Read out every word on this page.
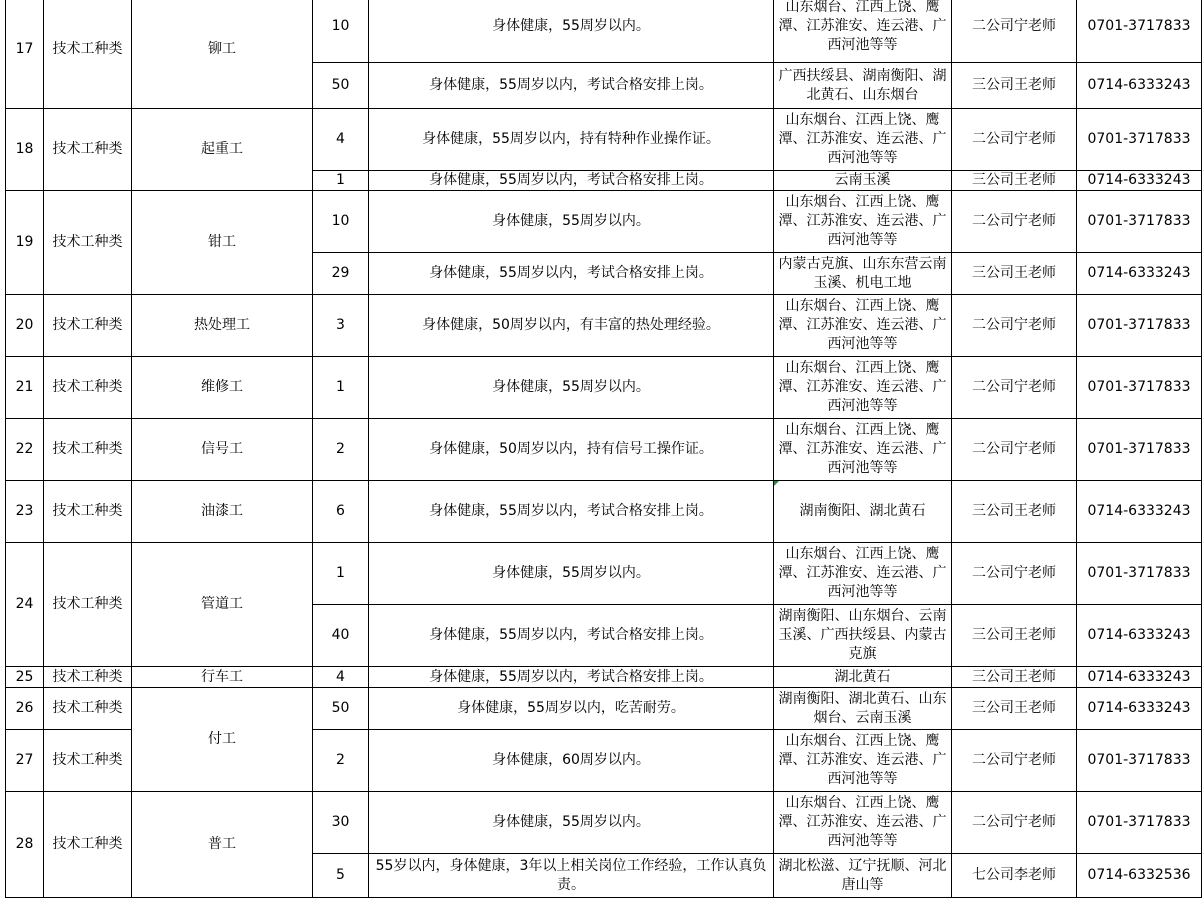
17	技术工种类	铆工	10	身体健康，55周岁以内。	山东烟台、江西上饶、鹰潭、江苏淮安、连云港、广西河池等等	二公司宁老师	0701-3717833
			50	身体健康，55周岁以内，考试合格安排上岗。	广西扶绥县、湖南衡阳、湖北黄石、山东烟台	三公司王老师	0714-6333243
18	技术工种类	起重工	4	身体健康，55周岁以内，持有特种作业操作证。	山东烟台、江西上饶、鹰潭、江苏淮安、连云港、广西河池等等	二公司宁老师	0701-3717833
			1	身体健康，55周岁以内，考试合格安排上岗。	云南玉溪	三公司王老师	0714-6333243
19	技术工种类	钳工	10	身体健康，55周岁以内。	山东烟台、江西上饶、鹰潭、江苏淮安、连云港、广西河池等等	二公司宁老师	0701-3717833
			29	身体健康，55周岁以内，考试合格安排上岗。	内蒙古克旗、山东东营云南玉溪、机电工地	三公司王老师	0714-6333243
20	技术工种类	热处理工	3	身体健康，50周岁以内，有丰富的热处理经验。	山东烟台、江西上饶、鹰潭、江苏淮安、连云港、广西河池等等	二公司宁老师	0701-3717833
21	技术工种类	维修工	1	身体健康，55周岁以内。	山东烟台、江西上饶、鹰潭、江苏淮安、连云港、广西河池等等	二公司宁老师	0701-3717833
22	技术工种类	信号工	2	身体健康，50周岁以内，持有信号工操作证。	山东烟台、江西上饶、鹰潭、江苏淮安、连云港、广西河池等等	二公司宁老师	0701-3717833
23	技术工种类	油漆工	6	身体健康，55周岁以内，考试合格安排上岗。	湖南衡阳、湖北黄石	三公司王老师	0714-6333243
24	技术工种类	管道工	1	身体健康，55周岁以内。	山东烟台、江西上饶、鹰潭、江苏淮安、连云港、广西河池等等	二公司宁老师	0701-3717833
			40	身体健康，55周岁以内，考试合格安排上岗。	湖南衡阳、山东烟台、云南玉溪、广西扶绥县、内蒙古克旗	三公司王老师	0714-6333243
25	技术工种类	行车工	4	身体健康，55周岁以内，考试合格安排上岗。	湖北黄石	三公司王老师	0714-6333243
26	技术工种类	付工	50	身体健康，55周岁以内，吃苦耐劳。	湖南衡阳、湖北黄石、山东烟台、云南玉溪	三公司王老师	0714-6333243
27	技术工种类		2	身体健康，60周岁以内。	山东烟台、江西上饶、鹰潭、江苏淮安、连云港、广西河池等等	二公司宁老师	0701-3717833
28	技术工种类	普工	30	身体健康，55周岁以内。	山东烟台、江西上饶、鹰潭、江苏淮安、连云港、广西河池等等	二公司宁老师	0701-3717833
			5	55岁以内，身体健康，3年以上相关岗位工作经验，工作认真负责。	湖北松滋、辽宁抚顺、河北唐山等	七公司李老师	0714-6332536
